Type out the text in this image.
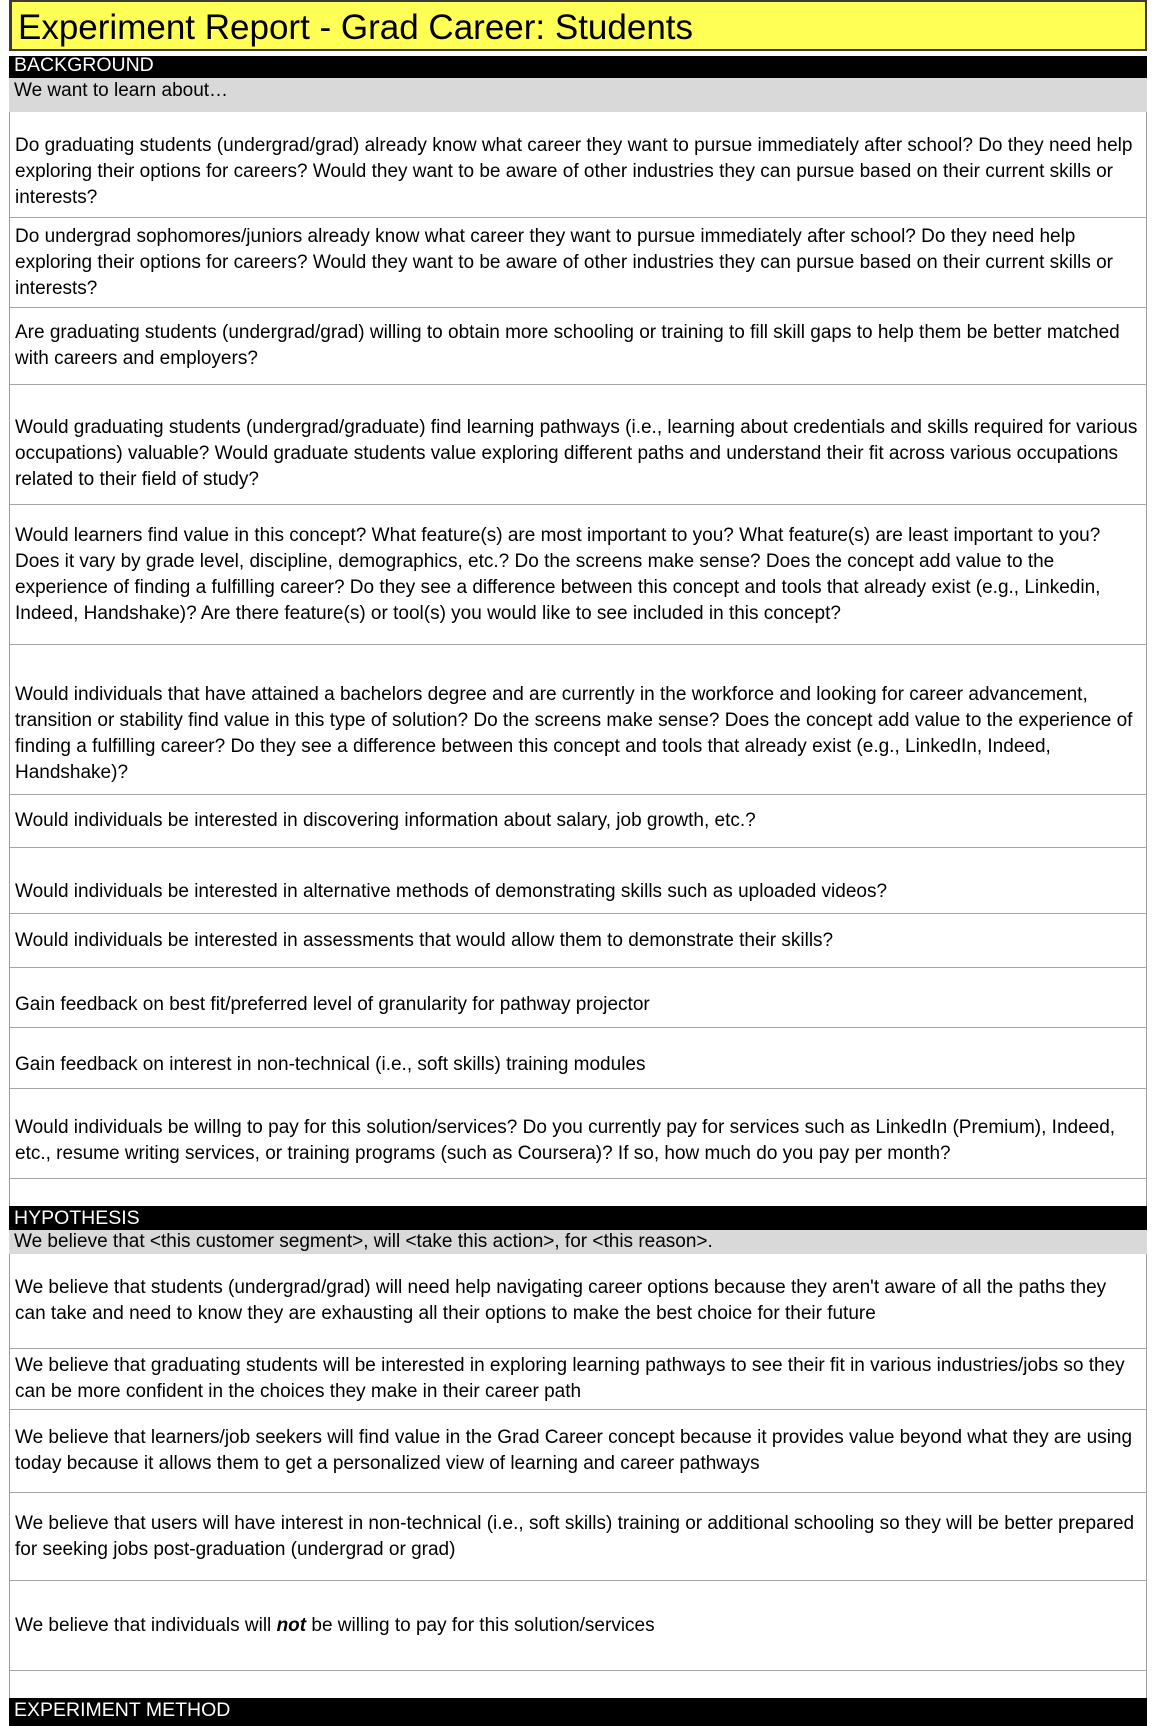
Experiment Report - Grad Career: Students
BACKGROUND
We want to learn about…
Do graduating students (undergrad/grad) already know what career they want to pursue immediately after school? Do they need help exploring their options for careers? Would they want to be aware of other industries they can pursue based on their current skills or interests?
Do undergrad sophomores/juniors already know what career they want to pursue immediately after school? Do they need help exploring their options for careers? Would they want to be aware of other industries they can pursue based on their current skills or interests?
Are graduating students (undergrad/grad) willing to obtain more schooling or training to fill skill gaps to help them be better matched with careers and employers?
Would graduating students (undergrad/graduate) find learning pathways (i.e., learning about credentials and skills required for various occupations) valuable? Would graduate students value exploring different paths and understand their fit across various occupations related to their field of study?
Would learners find value in this concept? What feature(s) are most important to you? What feature(s) are least important to you? Does it vary by grade level, discipline, demographics, etc.? Do the screens make sense? Does the concept add value to the experience of finding a fulfilling career? Do they see a difference between this concept and tools that already exist (e.g., Linkedin, Indeed, Handshake)? Are there feature(s) or tool(s) you would like to see included in this concept?
Would individuals that have attained a bachelors degree and are currently in the workforce and looking for career advancement, transition or stability find value in this type of solution? Do the screens make sense? Does the concept add value to the experience of finding a fulfilling career? Do they see a difference between this concept and tools that already exist (e.g., LinkedIn, Indeed, Handshake)?
Would individuals be interested in discovering information about salary, job growth, etc.?
Would individuals be interested in alternative methods of demonstrating skills such as uploaded videos?
Would individuals be interested in assessments that would allow them to demonstrate their skills?
Gain feedback on best fit/preferred level of granularity for pathway projector
Gain feedback on interest in non-technical (i.e., soft skills) training modules
Would individuals be willng to pay for this solution/services? Do you currently pay for services such as LinkedIn (Premium), Indeed, etc., resume writing services, or training programs (such as Coursera)? If so, how much do you pay per month?
HYPOTHESIS
We believe that <this customer segment>, will <take this action>, for <this reason>.
We believe that students (undergrad/grad) will need help navigating career options because they aren't aware of all the paths they can take and need to know they are exhausting all their options to make the best choice for their future
We believe that graduating students will be interested in exploring learning pathways to see their fit in various industries/jobs so they can be more confident in the choices they make in their career path
We believe that learners/job seekers will find value in the Grad Career concept because it provides value beyond what they are using today because it allows them to get a personalized view of learning and career pathways
We believe that users will have interest in non-technical (i.e., soft skills) training or additional schooling so they will be better prepared for seeking jobs post-graduation (undergrad or grad)
We believe that individuals will not be willing to pay for this solution/services
EXPERIMENT METHOD
